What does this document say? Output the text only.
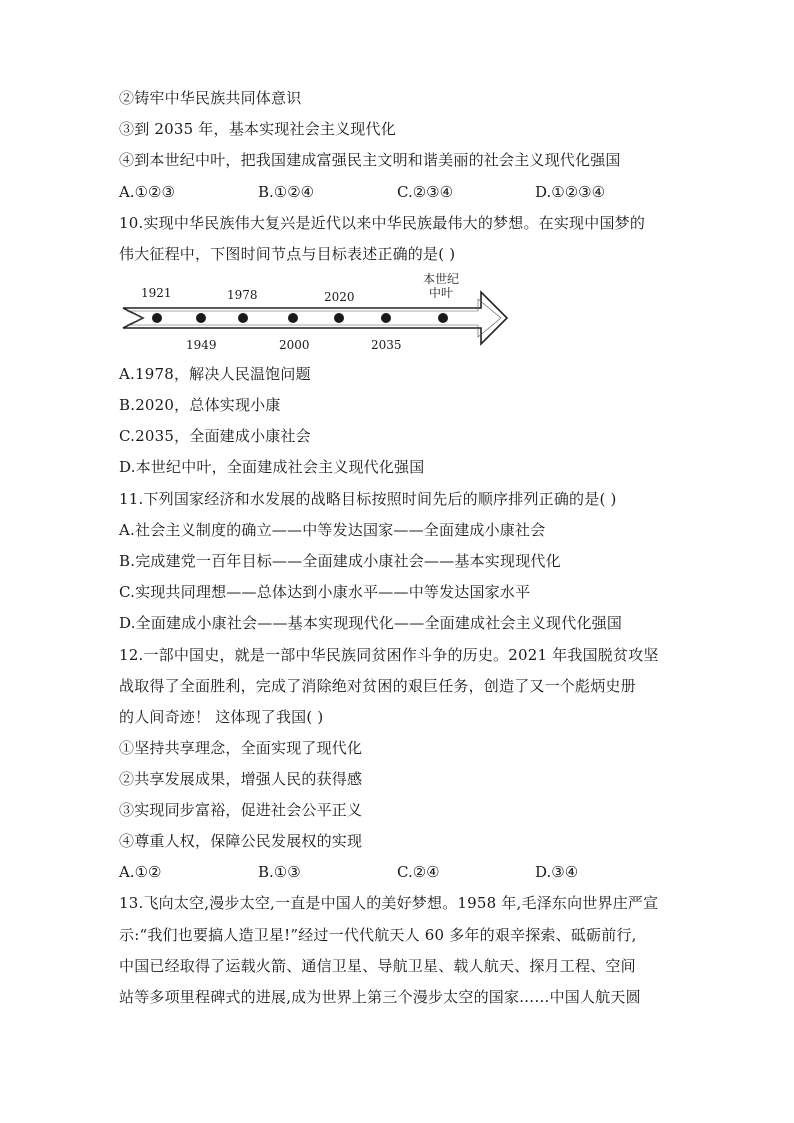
②铸牢中华民族共同体意识
③到 2035 年，基本实现社会主义现代化
④到本世纪中叶，把我国建成富强民主文明和谐美丽的社会主义现代化强国
A.①②③	B.①②④	C.②③④	D.①②③④
10.实现中华民族伟大复兴是近代以来中华民族最伟大的梦想。在实现中国梦的
伟大征程中，下图时间节点与目标表述正确的是( )
1921	1978	2020
本世纪
中叶
1949	2000	2035
A.1978，解决人民温饱问题
B.2020，总体实现小康
C.2035，全面建成小康社会
D.本世纪中叶，全面建成社会主义现代化强国
11.下列国家经济和水发展的战略目标按照时间先后的顺序排列正确的是( )
A.社会主义制度的确立——中等发达国家——全面建成小康社会
B.完成建党一百年目标——全面建成小康社会——基本实现现代化
C.实现共同理想——总体达到小康水平——中等发达国家水平
D.全面建成小康社会——基本实现现代化——全面建成社会主义现代化强国
12.一部中国史，就是一部中华民族同贫困作斗争的历史。2021 年我国脱贫攻坚
战取得了全面胜利，完成了消除绝对贫困的艰巨任务，创造了又一个彪炳史册
的人间奇迹！ 这体现了我国( )
①坚持共享理念，全面实现了现代化
②共享发展成果，增强人民的获得感
③实现同步富裕，促进社会公平正义
④尊重人权，保障公民发展权的实现
A.①②	B.①③	C.②④	D.③④
13.飞向太空,漫步太空,一直是中国人的美好梦想。1958 年,毛泽东向世界庄严宣
示:“我们也要搞人造卫星!”经过一代代航天人 60 多年的艰辛探索、砥砺前行,
中国已经取得了运载火箭、通信卫星、导航卫星、载人航天、探月工程、空间
站等多项里程碑式的进展,成为世界上第三个漫步太空的国家……中国人航天圆
